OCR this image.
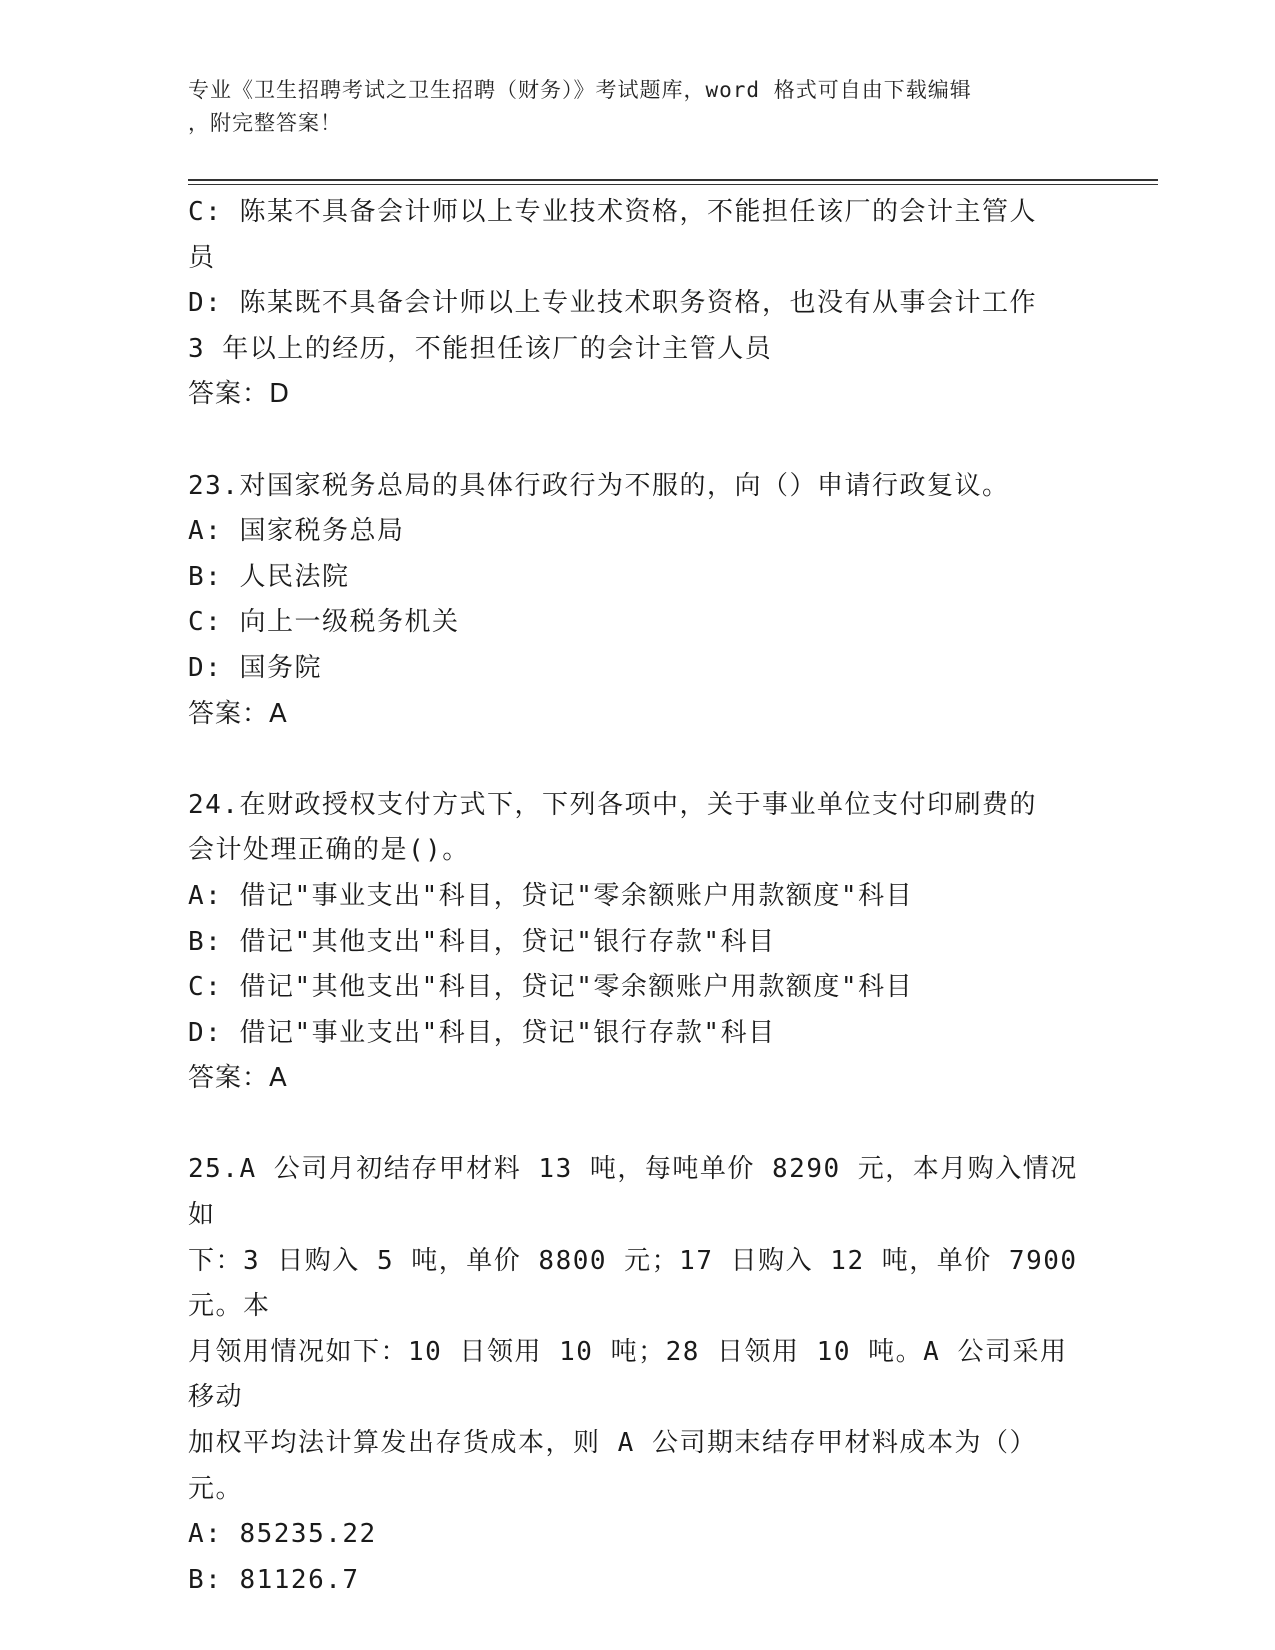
专业《卫生招聘考试之卫生招聘（财务）》考试题库，word 格式可自由下载编辑
，附完整答案！

C: 陈某不具备会计师以上专业技术资格，不能担任该厂的会计主管人

员

D: 陈某既不具备会计师以上专业技术职务资格，也没有从事会计工作

3 年以上的经历，不能担任该厂的会计主管人员

答案：D

23.对国家税务总局的具体行政行为不服的，向（）申请行政复议。

A: 国家税务总局

B: 人民法院

C: 向上一级税务机关

D: 国务院

答案：A

24.在财政授权支付方式下，下列各项中，关于事业单位支付印刷费的

会计处理正确的是()。

A: 借记"事业支出"科目，贷记"零余额账户用款额度"科目

B: 借记"其他支出"科目，贷记"银行存款"科目

C: 借记"其他支出"科目，贷记"零余额账户用款额度"科目

D: 借记"事业支出"科目，贷记"银行存款"科目

答案：A

25.A 公司月初结存甲材料 13 吨，每吨单价 8290 元，本月购入情况如

下：3 日购入 5 吨，单价 8800 元；17 日购入 12 吨，单价 7900 元。本

月领用情况如下：10 日领用 10 吨；28 日领用 10 吨。A 公司采用移动

加权平均法计算发出存货成本，则 A 公司期末结存甲材料成本为（）

元。

A: 85235.22

B: 81126.7
